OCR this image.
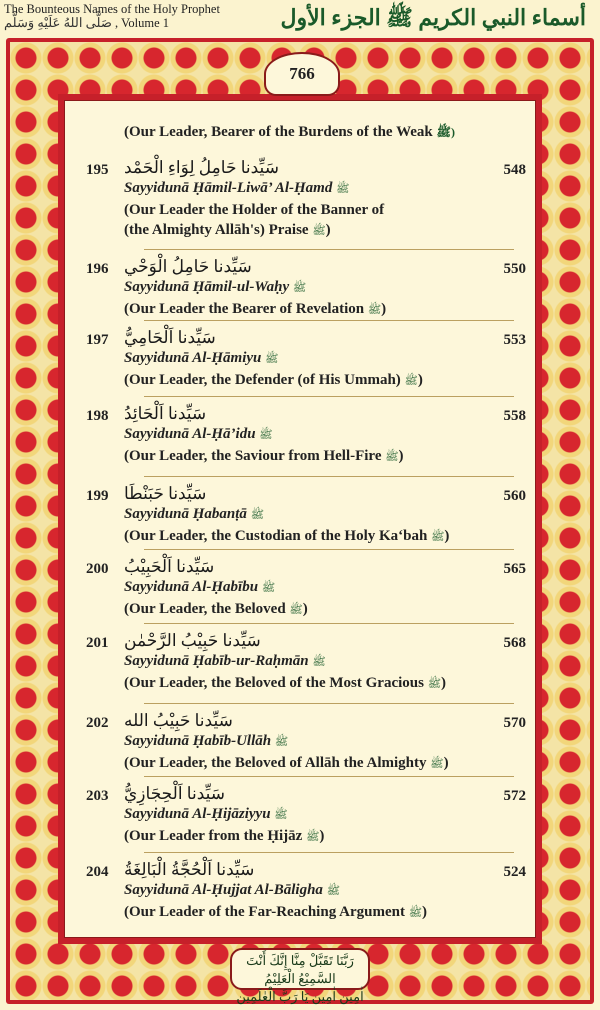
The Bounteous Names of the Holy Prophet
صَلَّى اللهُ عَلَيْهِ وَسَلَّم , Volume 1	أسماء النبي الكريم ﷺ الجزء الأول
766
(Our Leader, Bearer of the Burdens of the Weak ﷺ)
195	548
سَيِّدنا حَامِلُ لِوَاءِ الْحَمْد
Sayyidunā Ḥāmil-Liwā’ Al-Ḥamd ﷺ
(Our Leader the Holder of the Banner of
(the Almighty Allāh's) Praise ﷺ)
196	550
سَيِّدنا حَامِلُ الْوَحْي
Sayyidunā Ḥāmil-ul-Waḥy ﷺ
(Our Leader the Bearer of Revelation ﷺ)
197	553
سَيِّدنا اَلْحَامِيُّ
Sayyidunā Al-Ḥāmiyu ﷺ
(Our Leader, the Defender (of His Ummah) ﷺ)
198	558
سَيِّدنا اَلْحَائِدُ
Sayyidunā Al-Ḥā’idu ﷺ
(Our Leader, the Saviour from Hell-Fire ﷺ)
199	560
سَيِّدنا حَبَنْطَا
Sayyidunā Ḥabanṭā ﷺ
(Our Leader, the Custodian of the Holy Ka‘bah ﷺ)
200	565
سَيِّدنا اَلْحَبِيْبُ
Sayyidunā Al-Ḥabību ﷺ
(Our Leader, the Beloved ﷺ)
201	568
سَيِّدنا حَبِيْبُ الرَّحْمٰن
Sayyidunā Ḥabīb-ur-Raḥmān ﷺ
(Our Leader, the Beloved of the Most Gracious ﷺ)
202	570
سَيِّدنا حَبِيْبُ الله
Sayyidunā Ḥabīb-Ullāh ﷺ
(Our Leader, the Beloved of Allāh the Almighty ﷺ)
203	572
سَيِّدنا اَلْحِجَازِيُّ
Sayyidunā Al-Ḥijāziyyu ﷺ
(Our Leader from the Ḥijāz ﷺ)
204	524
سَيِّدنا اَلْحُجَّةُ الْبَالِغَةُ
Sayyidunā Al-Ḥujjat Al-Bāligha ﷺ
(Our Leader of the Far-Reaching Argument ﷺ)
رَبَّنَا تَقَبَّلْ مِنَّا إِنَّكَ أَنْتَ السَّمِيْعُ الْعَلِيْمُ
اٰمِين اٰمِين يَا رَبَّ الْعٰلَمِين
